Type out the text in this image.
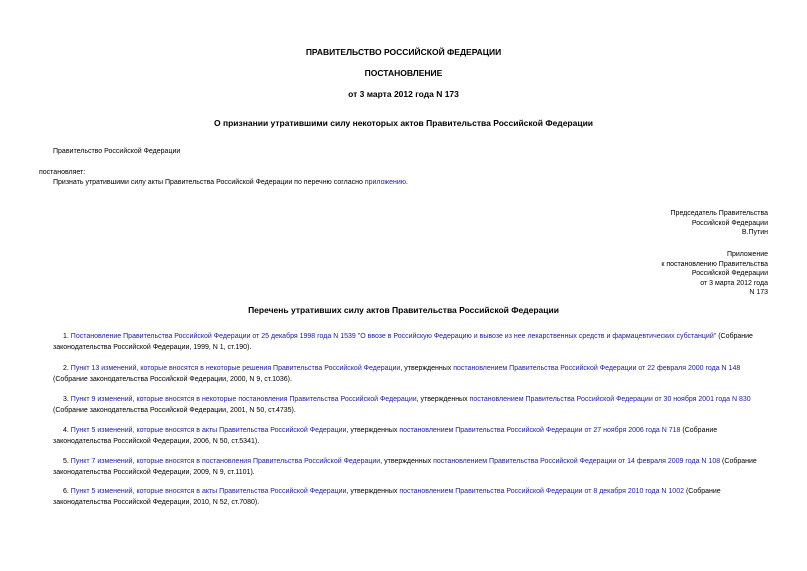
ПРАВИТЕЛЬСТВО РОССИЙСКОЙ ФЕДЕРАЦИИ
ПОСТАНОВЛЕНИЕ
от 3 марта 2012 года N 173
О признании утратившими силу некоторых актов Правительства Российской Федерации
Правительство Российской Федерации
постановляет:
Признать утратившими силу акты Правительства Российской Федерации по перечню согласно приложению.
Председатель Правительства
Российской Федерации
В.Путин
Приложение
к постановлению Правительства
Российской Федерации
от 3 марта 2012 года
N 173
Перечень утративших силу актов Правительства Российской Федерации
1. Постановление Правительства Российской Федерации от 25 декабря 1998 года N 1539 "О ввозе в Российскую Федерацию и вывозе из нее лекарственных средств и фармацевтических субстанций" (Собрание
законодательства Российской Федерации, 1999, N 1, ст.190).
2. Пункт 13 изменений, которые вносятся в некоторые решения Правительства Российской Федерации, утвержденных постановлением Правительства Российской Федерации от 22 февраля 2000 года N 148
(Собрание законодательства Российской Федерации, 2000, N 9, ст.1036).
3. Пункт 9 изменений, которые вносятся в некоторые постановления Правительства Российской Федерации, утвержденных постановлением Правительства Российской Федерации от 30 ноября 2001 года N 830
(Собрание законодательства Российской Федерации, 2001, N 50, ст.4735).
4. Пункт 5 изменений, которые вносятся в акты Правительства Российской Федерации, утвержденных постановлением Правительства Российской Федерации от 27 ноября 2006 года N 718 (Собрание
законодательства Российской Федерации, 2006, N 50, ст.5341).
5. Пункт 7 изменений, которые вносятся в постановления Правительства Российской Федерации, утвержденных постановлением Правительства Российской Федерации от 14 февраля 2009 года N 108 (Собрание
законодательства Российской Федерации, 2009, N 9, ст.1101).
6. Пункт 5 изменений, которые вносятся в акты Правительства Российской Федерации, утвержденных постановлением Правительства Российской Федерации от 8 декабря 2010 года N 1002 (Собрание
законодательства Российской Федерации, 2010, N 52, ст.7080).
